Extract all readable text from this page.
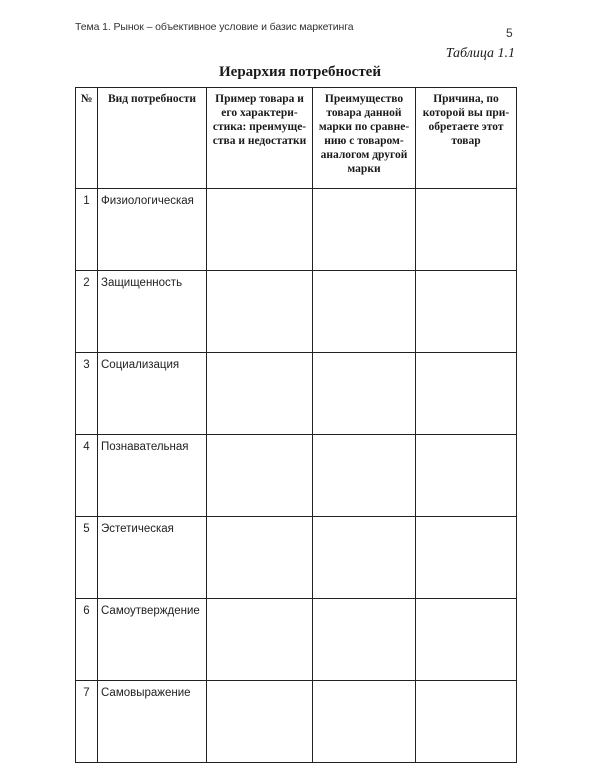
Тема 1. Рынок – объективное условие и базис маркетинга	5
Таблица 1.1
Иерархия потребностей
№	Вид потребности	Пример товара и его характери-стика: преимуще-ства и недостатки	Преимущество товара данной марки по сравне-нию с товаром-аналогом другой марки	Причина, по которой вы при-обретаете этот товар
1	Физиологическая			
2	Защищенность			
3	Социализация			
4	Познавательная			
5	Эстетическая			
6	Самоутверждение			
7	Самовыражение			
